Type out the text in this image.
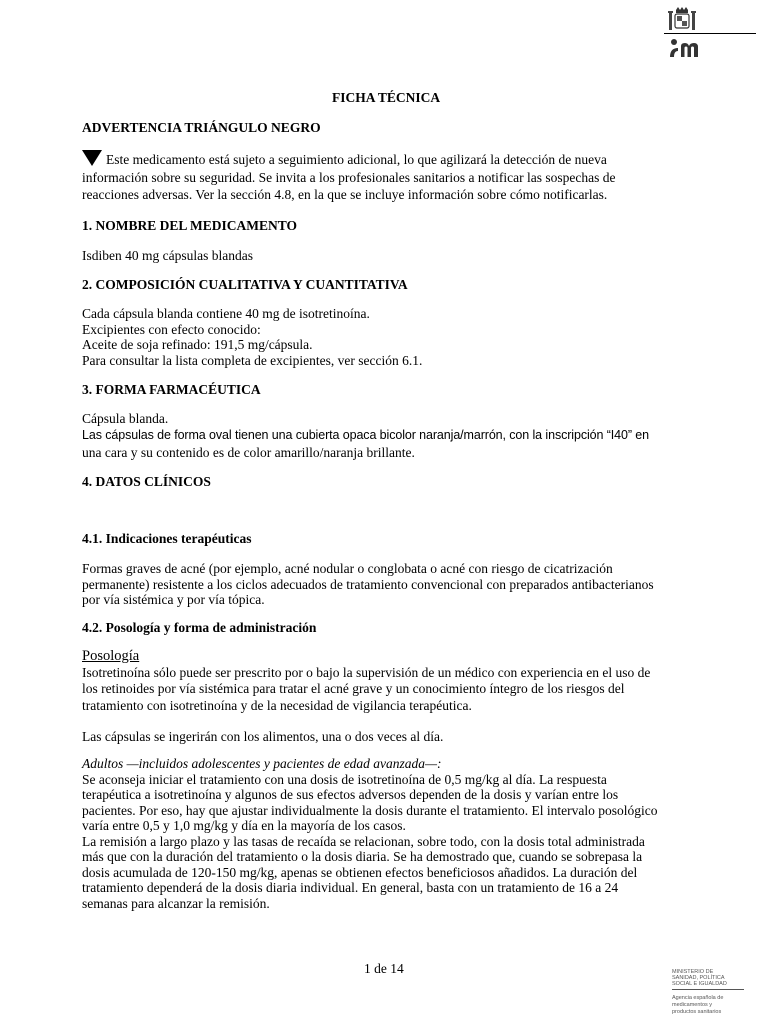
FICHA TÉCNICA
ADVERTENCIA TRIÁNGULO NEGRO
Este medicamento está sujeto a seguimiento adicional, lo que agilizará la detección de nueva
información sobre su seguridad. Se invita a los profesionales sanitarios a notificar las sospechas de
reacciones adversas. Ver la sección 4.8, en la que se incluye información sobre cómo notificarlas.
1. NOMBRE DEL MEDICAMENTO
Isdiben 40 mg cápsulas blandas
2. COMPOSICIÓN CUALITATIVA Y CUANTITATIVA
Cada cápsula blanda contiene 40 mg de isotretinoína.
Excipientes con efecto conocido:
Aceite de soja refinado: 191,5 mg/cápsula.
Para consultar la lista completa de excipientes, ver sección 6.1.
3. FORMA FARMACÉUTICA
Cápsula blanda.
Las cápsulas de forma oval tienen una cubierta opaca bicolor naranja/marrón, con la inscripción “I40” en
una cara y su contenido es de color amarillo/naranja brillante.
4. DATOS CLÍNICOS
4.1. Indicaciones terapéuticas
Formas graves de acné (por ejemplo, acné nodular o conglobata o acné con riesgo de cicatrización
permanente) resistente a los ciclos adecuados de tratamiento convencional con preparados antibacterianos
por vía sistémica y por vía tópica.
4.2. Posología y forma de administración
Posología
Isotretinoína sólo puede ser prescrito por o bajo la supervisión de un médico con experiencia en el uso de
los retinoides por vía sistémica para tratar el acné grave y un conocimiento íntegro de los riesgos del
tratamiento con isotretinoína y de la necesidad de vigilancia terapéutica.
Las cápsulas se ingerirán con los alimentos, una o dos veces al día.
Adultos —incluidos adolescentes y pacientes de edad avanzada—:
Se aconseja iniciar el tratamiento con una dosis de isotretinoína de 0,5 mg/kg al día. La respuesta
terapéutica a isotretinoína y algunos de sus efectos adversos dependen de la dosis y varían entre los
pacientes. Por eso, hay que ajustar individualmente la dosis durante el tratamiento. El intervalo posológico
varía entre 0,5 y 1,0 mg/kg y día en la mayoría de los casos.
La remisión a largo plazo y las tasas de recaída se relacionan, sobre todo, con la dosis total administrada
más que con la duración del tratamiento o la dosis diaria. Se ha demostrado que, cuando se sobrepasa la
dosis acumulada de 120-150 mg/kg, apenas se obtienen efectos beneficiosos añadidos. La duración del
tratamiento dependerá de la dosis diaria individual. En general, basta con un tratamiento de 16 a 24
semanas para alcanzar la remisión.
1 de 14	MINISTERIO DE
SANIDAD, POLÍTICA
SOCIAL E IGUALDAD
Agencia española de
medicamentos y
productos sanitarios
